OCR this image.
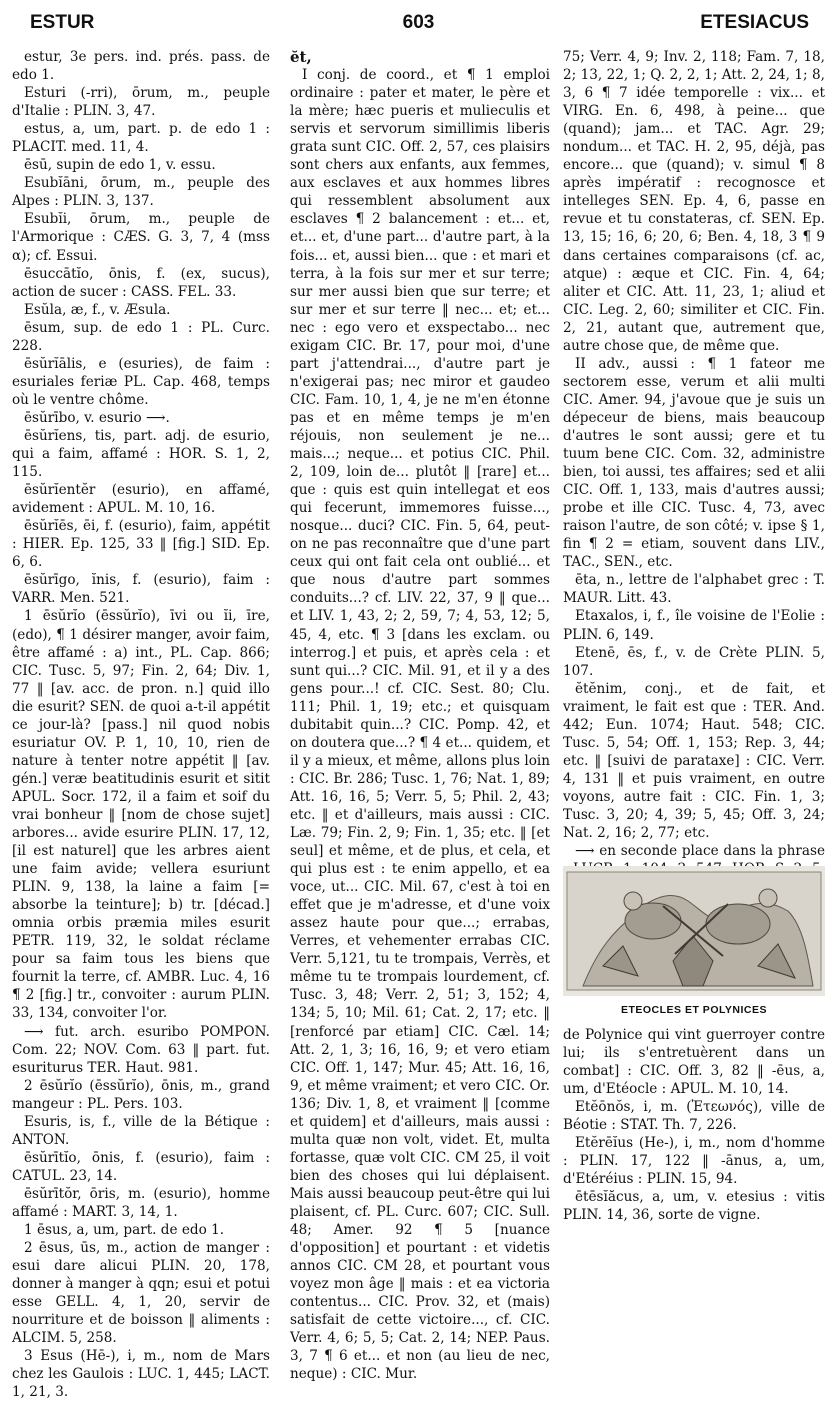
ESTUR	603	ETESIACUS

estur, 3e pers. ind. prés. pass. de edo 1.

Esturi (-rri), ōrum, m., peuple d'Italie : PLIN. 3, 47.

estus, a, um, part. p. de edo 1 : PLACIT. med. 11, 4.

ēsū, supin de edo 1, v. essu.

Esubĭāni, ōrum, m., peuple des Alpes : PLIN. 3, 137.

Esubĭi, ōrum, m., peuple de l'Armorique : CÆS. G. 3, 7, 4 (mss α); cf. Essui.

ēsuccātĭo, ōnis, f. (ex, sucus), action de sucer : CASS. FEL. 33.

Esŭla, æ, f., v. Æsula.

ēsum, sup. de edo 1 : PL. Curc. 228.

ēsŭrĭālis, e (esuries), de faim : esuriales feriæ PL. Cap. 468, temps où le ventre chôme.

ēsŭrībo, v. esurio ⟶.

ēsŭrĭens, tis, part. adj. de esurio, qui a faim, affamé : HOR. S. 1, 2, 115.

ēsŭrĭentĕr (esurio), en affamé, avidement : APUL. M. 10, 16.

ēsŭrĭēs, ēi, f. (esurio), faim, appétit : HIER. Ep. 125, 33 ‖ [fig.] SID. Ep. 6, 6.

ēsŭrīgo, ĭnis, f. (esurio), faim : VARR. Men. 521.

1 ēsŭrĭo (ēssŭrĭo), īvi ou ĭi, īre, (edo), ¶ 1 désirer manger, avoir faim, être affamé : a) int., PL. Cap. 866; CIC. Tusc. 5, 97; Fin. 2, 64; Div. 1, 77 ‖ [av. acc. de pron. n.] quid illo die esurit? SEN. de quoi a-t-il appétit ce jour-là? [pass.] nil quod nobis esuriatur OV. P. 1, 10, 10, rien de nature à tenter notre appétit ‖ [av. gén.] veræ beatitudinis esurit et sitit APUL. Socr. 172, il a faim et soif du vrai bonheur ‖ [nom de chose sujet] arbores... avide esurire PLIN. 17, 12, [il est naturel] que les arbres aient une faim avide; vellera esuriunt PLIN. 9, 138, la laine a faim [= absorbe la teinture]; b) tr. [décad.] omnia orbis præmia miles esurit PETR. 119, 32, le soldat réclame pour sa faim tous les biens que fournit la terre, cf. AMBR. Luc. 4, 16 ¶ 2 [fig.] tr., convoiter : aurum PLIN. 33, 134, convoiter l'or.

⟶ fut. arch. esuribo POMPON. Com. 22; NOV. Com. 63 ‖ part. fut. esuriturus TER. Haut. 981.

2 ēsŭrĭo (ēssŭrĭo), ōnis, m., grand mangeur : PL. Pers. 103.

Esuris, is, f., ville de la Bétique : ANTON.

ēsŭrītĭo, ōnis, f. (esurio), faim : CATUL. 23, 14.

ēsŭrītŏr, ōris, m. (esurio), homme affamé : MART. 3, 14, 1.

1 ēsus, a, um, part. de edo 1.

2 ēsus, ūs, m., action de manger : esui dare alicui PLIN. 20, 178, donner à manger à qqn; esui et potui esse GELL. 4, 1, 20, servir de nourriture et de boisson ‖ aliments : ALCIM. 5, 258.

3 Esus (Hē-), i, m., nom de Mars chez les Gaulois : LUC. 1, 445; LACT. 1, 21, 3.

ĕt,

I conj. de coord., et ¶ 1 emploi ordinaire : pater et mater, le père et la mère; hæc pueris et mulieculis et servis et servorum simillimis liberis grata sunt CIC. Off. 2, 57, ces plaisirs sont chers aux enfants, aux femmes, aux esclaves et aux hommes libres qui ressemblent absolument aux esclaves ¶ 2 balancement : et... et, et... et, d'une part... d'autre part, à la fois... et, aussi bien... que : et mari et terra, à la fois sur mer et sur terre; sur mer aussi bien que sur terre; et sur mer et sur terre ‖ nec... et; et... nec : ego vero et exspectabo... nec exigam CIC. Br. 17, pour moi, d'une part j'attendrai..., d'autre part je n'exigerai pas; nec miror et gaudeo CIC. Fam. 10, 1, 4, je ne m'en étonne pas et en même temps je m'en réjouis, non seulement je ne... mais...; neque... et potius CIC. Phil. 2, 109, loin de... plutôt ‖ [rare] et... que : quis est quin intellegat et eos qui fecerunt, immemores fuisse..., nosque... duci? CIC. Fin. 5, 64, peut-on ne pas reconnaître que d'une part ceux qui ont fait cela ont oublié... et que nous d'autre part sommes conduits...? cf. LIV. 22, 37, 9 ‖ que... et LIV. 1, 43, 2; 2, 59, 7; 4, 53, 12; 5, 45, 4, etc. ¶ 3 [dans les exclam. ou interrog.] et puis, et après cela : et sunt qui...? CIC. Mil. 91, et il y a des gens pour...! cf. CIC. Sest. 80; Clu. 111; Phil. 1, 19; etc.; et quisquam dubitabit quin...? CIC. Pomp. 42, et on doutera que...? ¶ 4 et... quidem, et il y a mieux, et même, allons plus loin : CIC. Br. 286; Tusc. 1, 76; Nat. 1, 89; Att. 16, 16, 5; Verr. 5, 5; Phil. 2, 43; etc. ‖ et d'ailleurs, mais aussi : CIC. Læ. 79; Fin. 2, 9; Fin. 1, 35; etc. ‖ [et seul] et même, et de plus, et cela, et qui plus est : te enim appello, et ea voce, ut... CIC. Mil. 67, c'est à toi en effet que je m'adresse, et d'une voix assez haute pour que...; errabas, Verres, et vehementer errabas CIC. Verr. 5,121, tu te trompais, Verrès, et même tu te trompais lourdement, cf. Tusc. 3, 48; Verr. 2, 51; 3, 152; 4, 134; 5, 10; Mil. 61; Cat. 2, 17; etc. ‖ [renforcé par etiam] CIC. Cæl. 14; Att. 2, 1, 3; 16, 16, 9; et vero etiam CIC. Off. 1, 147; Mur. 45; Att. 16, 16, 9, et même vraiment; et vero CIC. Or. 136; Div. 1, 8, et vraiment ‖ [comme et quidem] et d'ailleurs, mais aussi : multa quæ non volt, videt. Et, multa fortasse, quæ volt CIC. CM 25, il voit bien des choses qui lui déplaisent. Mais aussi beaucoup peut-être qui lui plaisent, cf. PL. Curc. 607; CIC. Sull. 48; Amer. 92 ¶ 5 [nuance d'opposition] et pourtant : et videtis annos CIC. CM 28, et pourtant vous voyez mon âge ‖ mais : et ea victoria contentus... CIC. Prov. 32, et (mais) satisfait de cette victoire..., cf. CIC. Verr. 4, 6; 5, 5; Cat. 2, 14; NEP. Paus. 3, 7 ¶ 6 et... et non (au lieu de nec, neque) : CIC. Mur.

75; Verr. 4, 9; Inv. 2, 118; Fam. 7, 18, 2; 13, 22, 1; Q. 2, 2, 1; Att. 2, 24, 1; 8, 3, 6 ¶ 7 idée temporelle : vix... et VIRG. En. 6, 498, à peine... que (quand); jam... et TAC. Agr. 29; nondum... et TAC. H. 2, 95, déjà, pas encore... que (quand); v. simul ¶ 8 après impératif : recognosce et intelleges SEN. Ep. 4, 6, passe en revue et tu constateras, cf. SEN. Ep. 13, 15; 16, 6; 20, 6; Ben. 4, 18, 3 ¶ 9 dans certaines comparaisons (cf. ac, atque) : æque et CIC. Fin. 4, 64; aliter et CIC. Att. 11, 23, 1; aliud et CIC. Leg. 2, 60; similiter et CIC. Fin. 2, 21, autant que, autrement que, autre chose que, de même que.

II adv., aussi : ¶ 1 fateor me sectorem esse, verum et alii multi CIC. Amer. 94, j'avoue que je suis un dépeceur de biens, mais beaucoup d'autres le sont aussi; gere et tu tuum bene CIC. Com. 32, administre bien, toi aussi, tes affaires; sed et alii CIC. Off. 1, 133, mais d'autres aussi; probe et ille CIC. Tusc. 4, 73, avec raison l'autre, de son côté; v. ipse § 1, fin ¶ 2 = etiam, souvent dans LIV., TAC., SEN., etc.

ēta, n., lettre de l'alphabet grec : T. MAUR. Litt. 43.

Etaxalos, i, f., île voisine de l'Eolie : PLIN. 6, 149.

Etenē, ēs, f., v. de Crète PLIN. 5, 107.

ĕtĕnim, conj., et de fait, et vraiment, le fait est que : TER. And. 442; Eun. 1074; Haut. 548; CIC. Tusc. 5, 54; Off. 1, 153; Rep. 3, 44; etc. ‖ [suivi de parataxe] : CIC. Verr. 4, 131 ‖ et puis vraiment, en outre voyons, autre fait : CIC. Fin. 1, 3; Tusc. 3, 20; 4, 39; 5, 45; Off. 3, 24; Nat. 2, 16; 2, 77; etc.

⟶ en seconde place dans la phrase

ETEOCLES ET POLYNICES

de Polynice qui vint guerroyer contre lui; ils s'entretuèrent dans un combat] : CIC. Off. 3, 82 ‖ -ēus, a, um, d'Etéocle : APUL. M. 10, 14.

Etĕōnŏs, i, m. (Ἐτεωνός), ville de Béotie : STAT. Th. 7, 226.

Etĕrēĭus (He-), i, m., nom d'homme : PLIN. 17, 122 ‖ -ānus, a, um, d'Etéréius : PLIN. 15, 94.

ētēsĭăcus, a, um, v. etesius : vitis PLIN. 14, 36, sorte de vigne.
